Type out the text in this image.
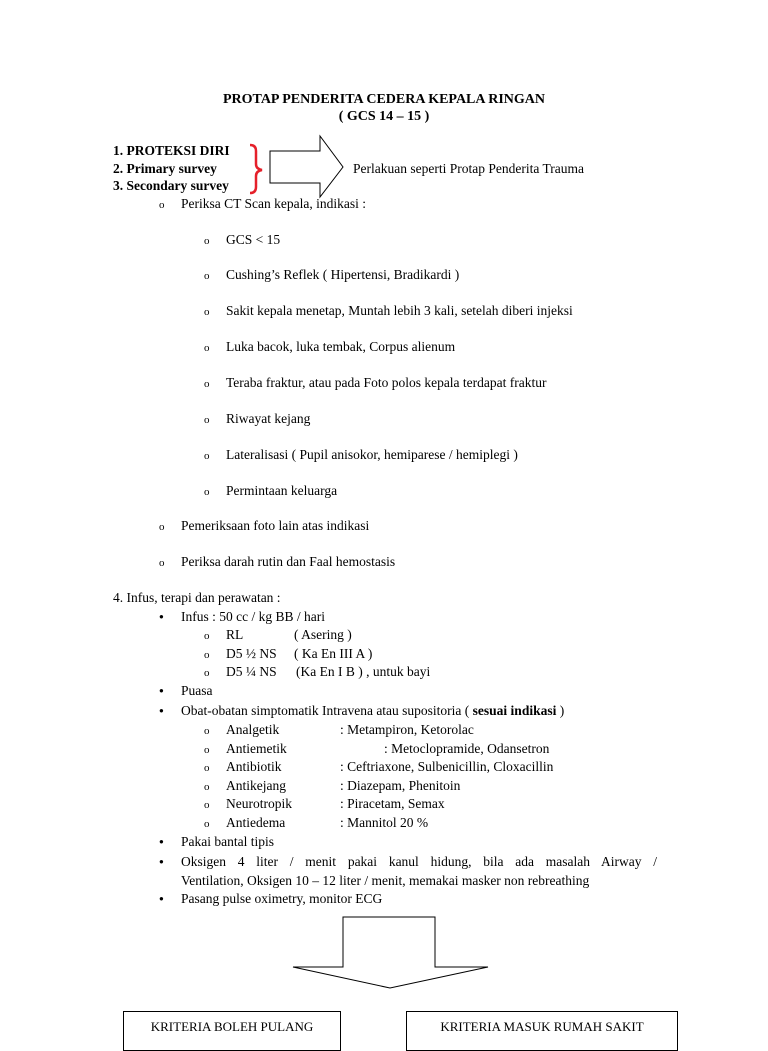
PROTAP PENDERITA CEDERA KEPALA RINGAN
( GCS 14 – 15 )
1. PROTEKSI DIRI
2. Primary survey
3. Secondary survey
Perlakuan seperti Protap Penderita Trauma
o Periksa CT Scan kepala, indikasi :
o GCS < 15
o Cushing’s Reflek ( Hipertensi, Bradikardi )
o Sakit kepala menetap, Muntah lebih 3 kali, setelah diberi injeksi
o Luka bacok, luka tembak, Corpus alienum
o Teraba fraktur, atau pada Foto polos kepala terdapat fraktur
o Riwayat kejang
o Lateralisasi ( Pupil anisokor, hemiparese / hemiplegi )
o Permintaan keluarga
o Pemeriksaan foto lain atas indikasi
o Periksa darah rutin dan Faal hemostasis
4. Infus, terapi dan perawatan :
● Infus : 50 cc / kg BB / hari
o RL	( Asering )
o D5 ½ NS ( Ka En III A )
o D5 ¼ NS (Ka En I B ) , untuk bayi
● Puasa
● Obat-obatan simptomatik Intravena atau supositoria ( sesuai indikasi )
o Analgetik	: Metampiron, Ketorolac
o Antiemetik	: Metoclopramide, Odansetron
o Antibiotik	: Ceftriaxone, Sulbenicillin, Cloxacillin
o Antikejang	: Diazepam, Phenitoin
o Neurotropik	: Piracetam, Semax
o Antiedema	: Mannitol 20 %
● Pakai bantal tipis
● Oksigen 4 liter / menit pakai kanul hidung, bila ada masalah Airway /
Ventilation, Oksigen 10 – 12 liter / menit, memakai masker non rebreathing
● Pasang pulse oximetry, monitor ECG
KRITERIA BOLEH PULANG	KRITERIA MASUK RUMAH SAKIT
